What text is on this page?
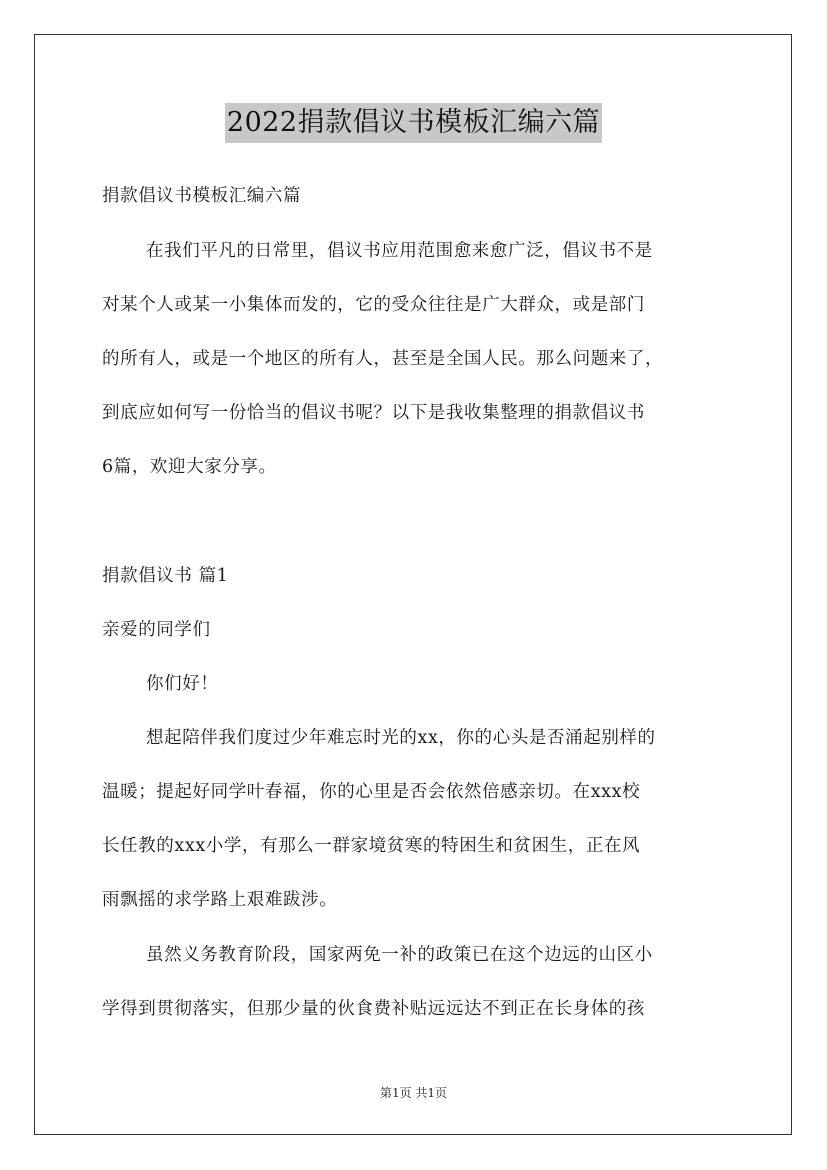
2022捐款倡议书模板汇编六篇

捐款倡议书模板汇编六篇

在我们平凡的日常里，倡议书应用范围愈来愈广泛，倡议书不是

对某个人或某一小集体而发的，它的受众往往是广大群众，或是部门

的所有人，或是一个地区的所有人，甚至是全国人民。那么问题来了，

到底应如何写一份恰当的倡议书呢？以下是我收集整理的捐款倡议书

6篇，欢迎大家分享。

捐款倡议书 篇1

亲爱的同学们

你们好！

想起陪伴我们度过少年难忘时光的xx，你的心头是否涌起别样的

温暖；提起好同学叶春福，你的心里是否会依然倍感亲切。在xxx校

长任教的xxx小学，有那么一群家境贫寒的特困生和贫困生，正在风

雨飘摇的求学路上艰难跋涉。

虽然义务教育阶段，国家两免一补的政策已在这个边远的山区小

学得到贯彻落实，但那少量的伙食费补贴远远达不到正在长身体的孩

第1页 共1页
